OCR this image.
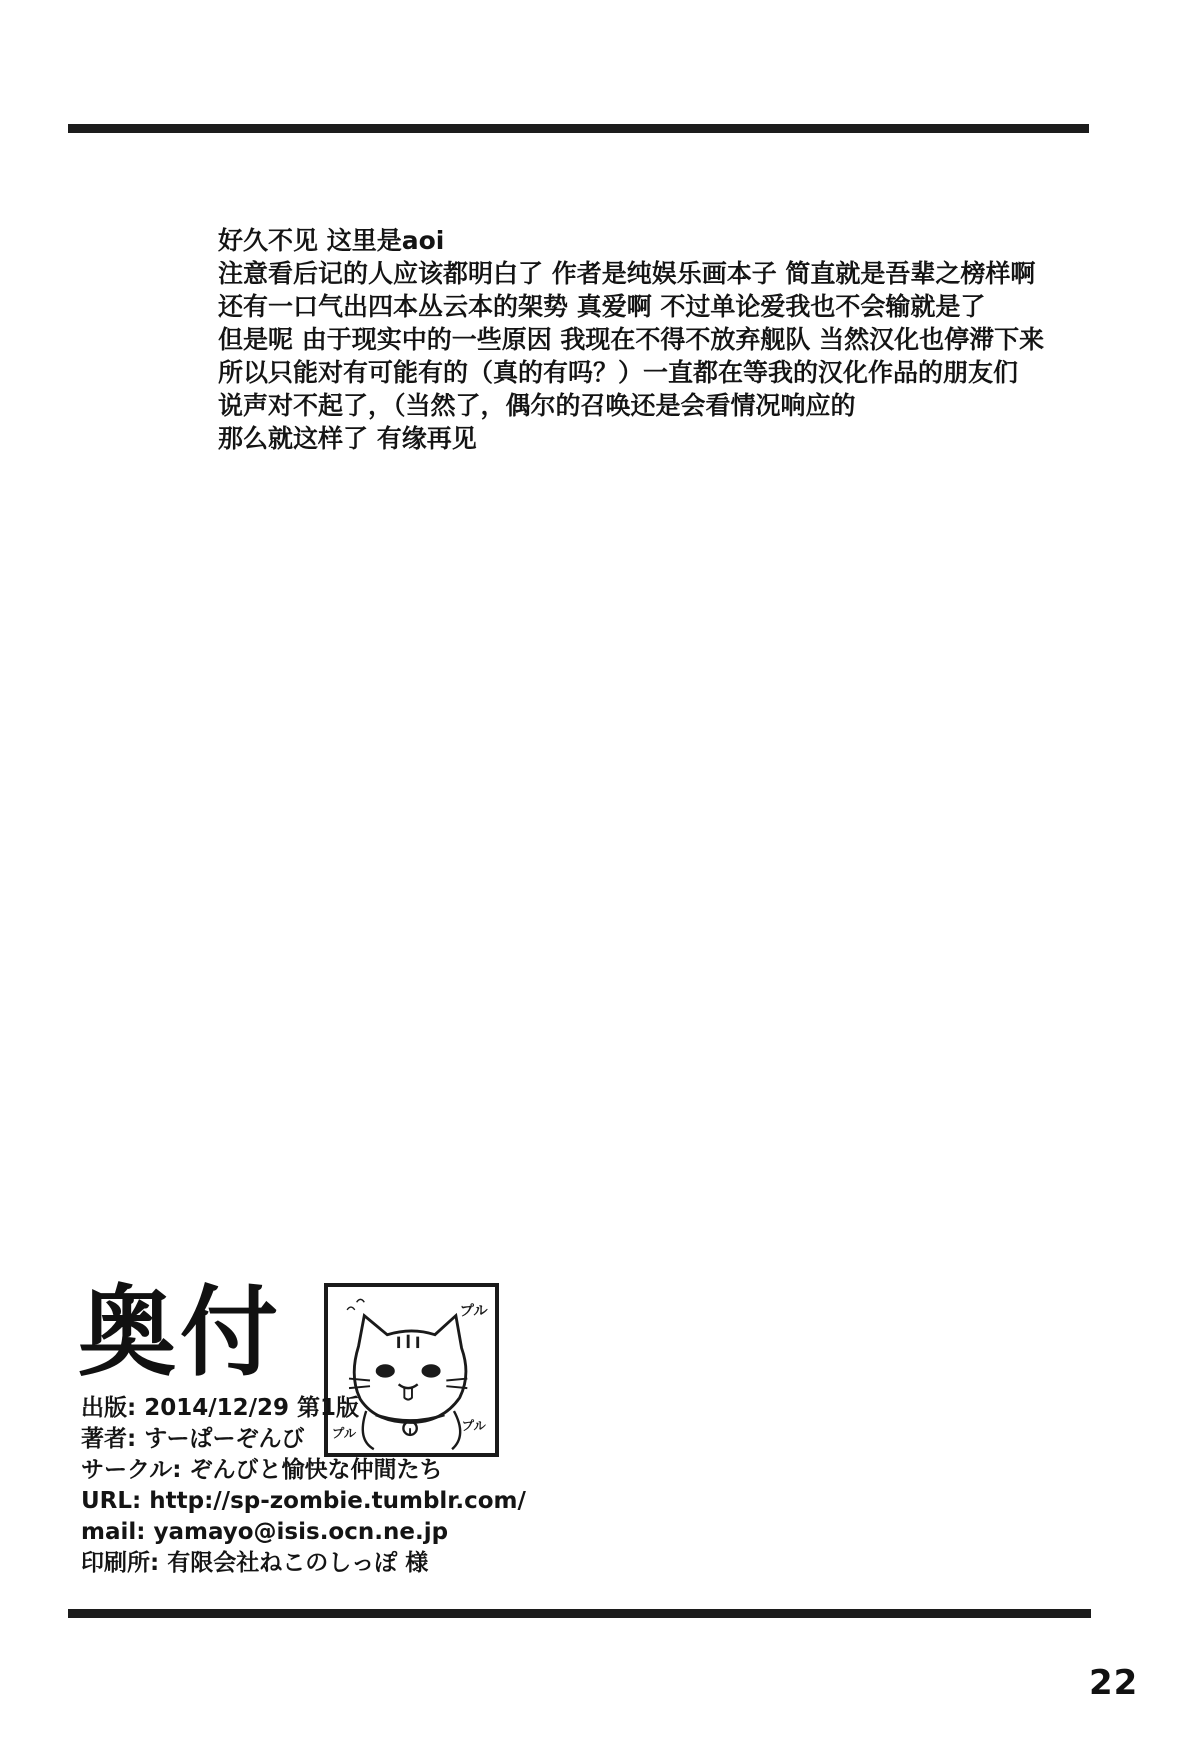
好久不见 这里是aoi
注意看后记的人应该都明白了 作者是纯娱乐画本子 简直就是吾辈之榜样啊
还有一口气出四本丛云本的架势 真爱啊 不过单论爱我也不会输就是了
但是呢 由于现实中的一些原因 我现在不得不放弃舰队 当然汉化也停滞下来
所以只能对有可能有的（真的有吗？）一直都在等我的汉化作品的朋友们
说声对不起了，（当然了，偶尔的召唤还是会看情况响应的
那么就这样了 有缘再见
奥付	プル
プル
プル
出版: 2014/12/29 第1版
著者: すーぱーぞんび
サークル: ぞんびと愉快な仲間たち
URL: http://sp-zombie.tumblr.com/
mail: yamayo@isis.ocn.ne.jp
印刷所: 有限会社ねこのしっぽ 様
22
